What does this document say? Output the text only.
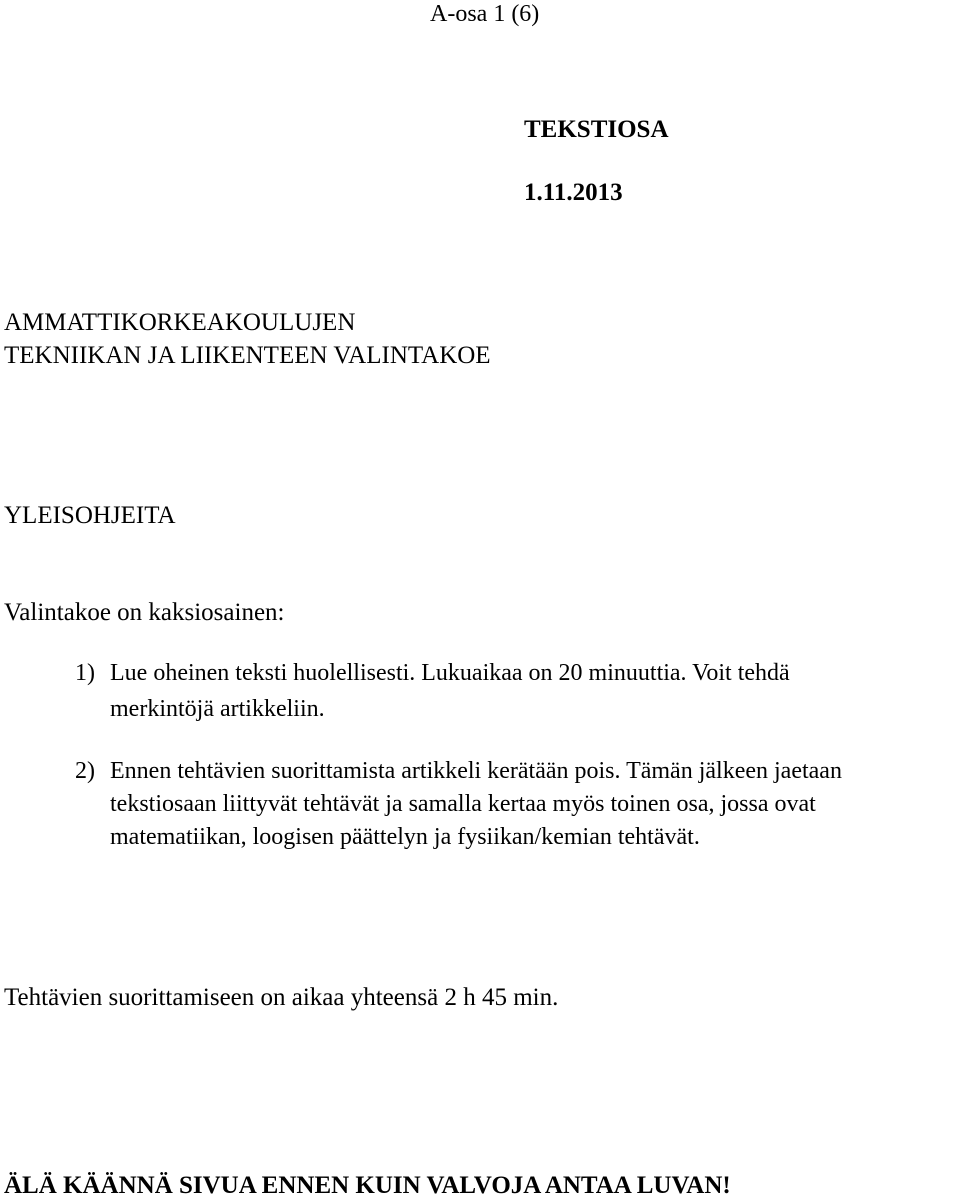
A-osa 1 (6)
TEKSTIOSA
1.11.2013
AMMATTIKORKEAKOULUJEN
TEKNIIKAN JA LIIKENTEEN VALINTAKOE
YLEISOHJEITA
Valintakoe on kaksiosainen:
1) Lue oheinen teksti huolellisesti. Lukuaikaa on 20 minuuttia. Voit tehdä
merkintöjä artikkeliin.
2) Ennen tehtävien suorittamista artikkeli kerätään pois. Tämän jälkeen jaetaan
tekstiosaan liittyvät tehtävät ja samalla kertaa myös toinen osa, jossa ovat
matematiikan, loogisen päättelyn ja fysiikan/kemian tehtävät.
Tehtävien suorittamiseen on aikaa yhteensä 2 h 45 min.
ÄLÄ KÄÄNNÄ SIVUA ENNEN KUIN VALVOJA ANTAA LUVAN!
